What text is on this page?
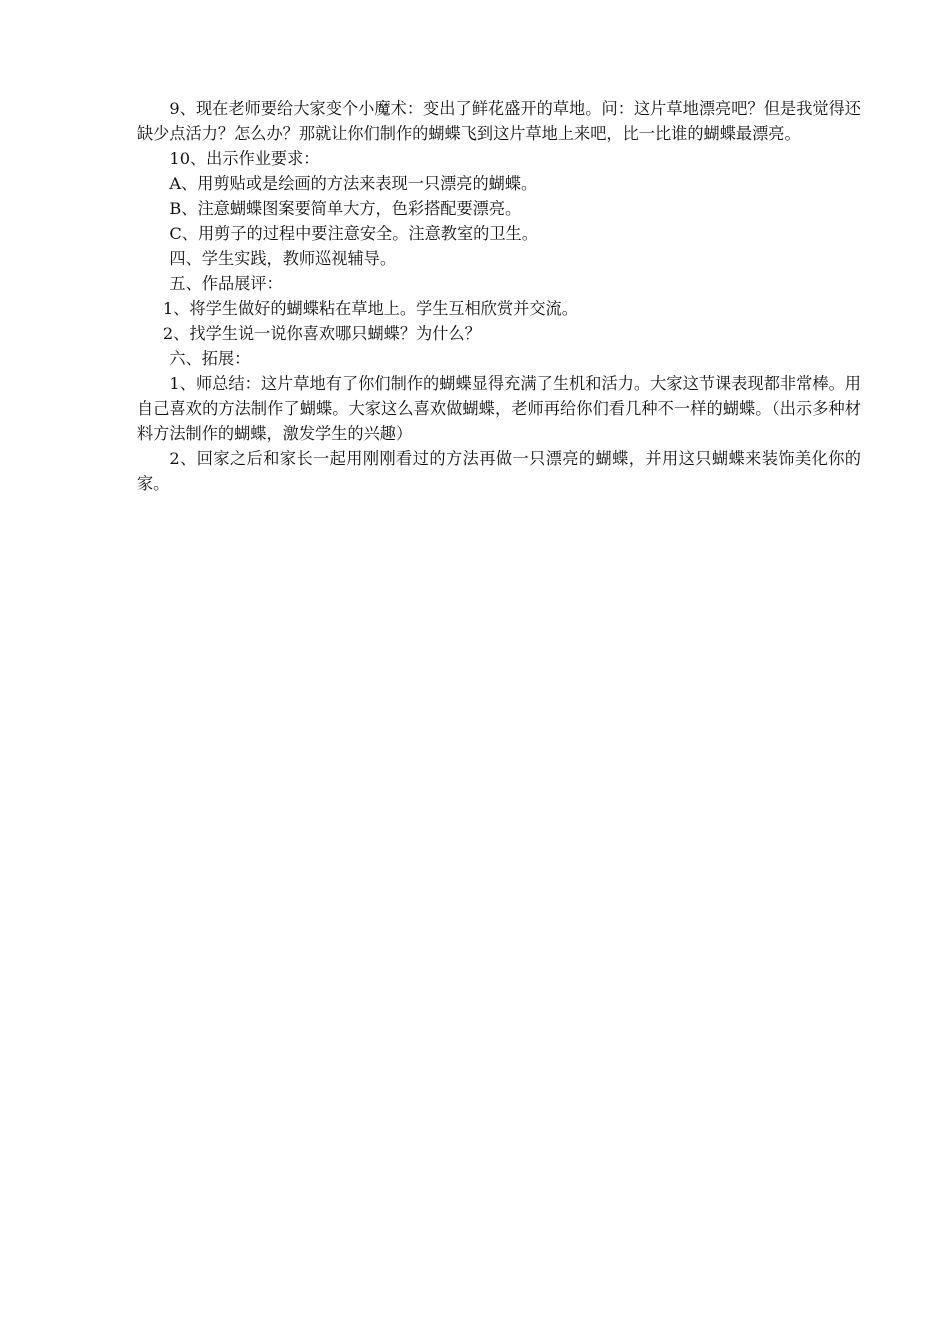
9、现在老师要给大家变个小魔术：变出了鲜花盛开的草地。问：这片草地漂亮吧？但是我觉得还缺少点活力？怎么办？那就让你们制作的蝴蝶飞到这片草地上来吧，比一比谁的蝴蝶最漂亮。

10、出示作业要求：

A、用剪贴或是绘画的方法来表现一只漂亮的蝴蝶。

B、注意蝴蝶图案要简单大方，色彩搭配要漂亮。

C、用剪子的过程中要注意安全。注意教室的卫生。

四、学生实践，教师巡视辅导。

五、作品展评：

1、将学生做好的蝴蝶粘在草地上。学生互相欣赏并交流。

2、找学生说一说你喜欢哪只蝴蝶？为什么？

六、拓展：

1、师总结：这片草地有了你们制作的蝴蝶显得充满了生机和活力。大家这节课表现都非常棒。用自己喜欢的方法制作了蝴蝶。大家这么喜欢做蝴蝶，老师再给你们看几种不一样的蝴蝶。（出示多种材料方法制作的蝴蝶，激发学生的兴趣）

2、回家之后和家长一起用刚刚看过的方法再做一只漂亮的蝴蝶，并用这只蝴蝶来装饰美化你的家。
